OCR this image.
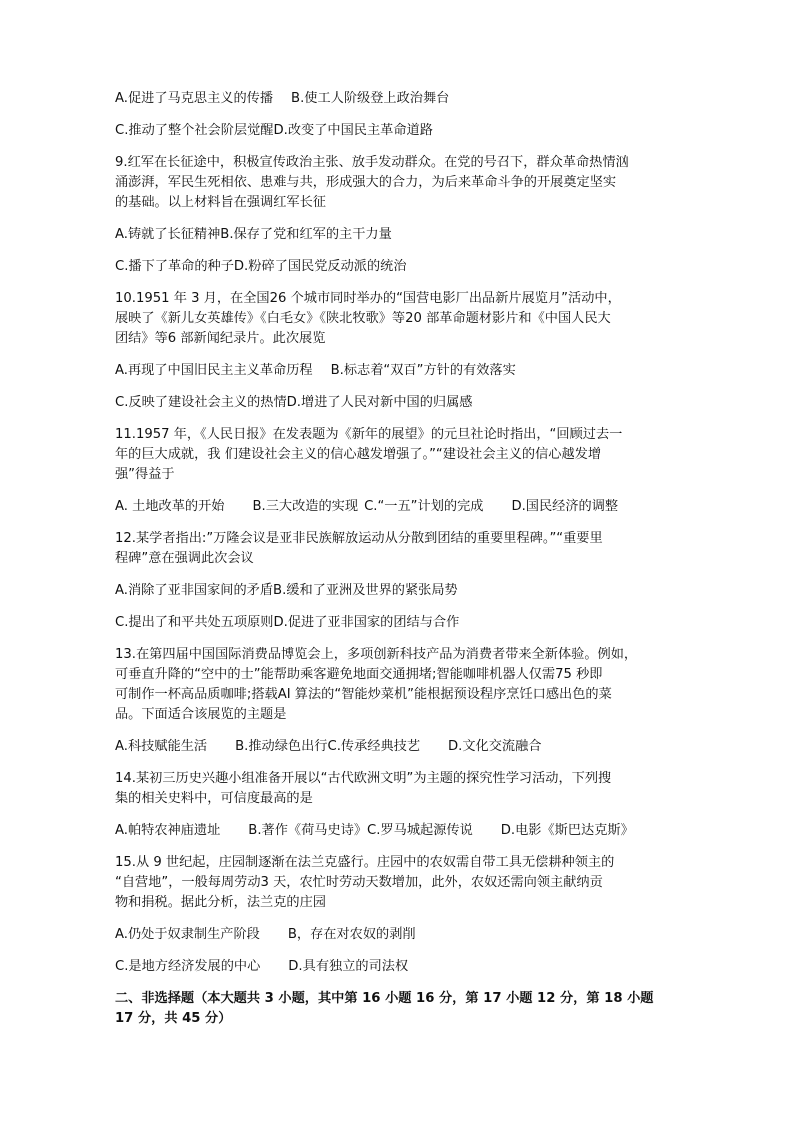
A.促进了马克思主义的传播 B.使工人阶级登上政治舞台
C.推动了整个社会阶层觉醒D.改变了中国民主革命道路
9.红军在长征途中，积极宣传政治主张、放手发动群众。在党的号召下，群众革命热情汹
涌澎湃，军民生死相依、患难与共，形成强大的合力，为后来革命斗争的开展奠定坚实
的基础。以上材料旨在强调红军长征
A.铸就了长征精神B.保存了党和红军的主干力量
C.播下了革命的种子D.粉碎了国民党反动派的统治
10.1951 年 3 月，在全国26 个城市同时举办的“国营电影厂出品新片展览月”活动中，
展映了《新儿女英雄传》《白毛女》《陕北牧歌》等20 部革命题材影片和《中国人民大
团结》等6 部新闻纪录片。此次展览
A.再现了中国旧民主主义革命历程 B.标志着“双百”方针的有效落实
C.反映了建设社会主义的热情D.增进了人民对新中国的归属感
11.1957 年，《人民日报》在发表题为《新年的展望》的元旦社论时指出，“回顾过去一
年的巨大成就，我 们建设社会主义的信心越发增强了。”“建设社会主义的信心越发增
强”得益于
A. 土地改革的开始 B.三大改造的实现 C.“一五”计划的完成 D.国民经济的调整
12.某学者指出:”万隆会议是亚非民族解放运动从分散到团结的重要里程碑。”“重要里
程碑”意在强调此次会议
A.消除了亚非国家间的矛盾B.缓和了亚洲及世界的紧张局势
C.提出了和平共处五项原则D.促进了亚非国家的团结与合作
13.在第四届中国国际消费品博览会上，多项创新科技产品为消费者带来全新体验。例如，
可垂直升降的“空中的士”能帮助乘客避免地面交通拥堵;智能咖啡机器人仅需75 秒即
可制作一杯高品质咖啡;搭载AI 算法的“智能炒菜机”能根据预设程序烹饪口感出色的菜
品。下面适合该展览的主题是
A.科技赋能生活 B.推动绿色出行C.传承经典技艺 D.文化交流融合
14.某初三历史兴趣小组准备开展以“古代欧洲文明”为主题的探究性学习活动，下列搜
集的相关史料中，可信度最高的是
A.帕特农神庙遗址 B.著作《荷马史诗》C.罗马城起源传说 D.电影《斯巴达克斯》
15.从 9 世纪起，庄园制逐渐在法兰克盛行。庄园中的农奴需自带工具无偿耕种领主的
“自营地”，一般每周劳动3 天，农忙时劳动天数增加，此外，农奴还需向领主献纳贡
物和捐税。据此分析，法兰克的庄园
A.仍处于奴隶制生产阶段 B，存在对农奴的剥削
C.是地方经济发展的中心 D.具有独立的司法权
二、非选择题（本大题共 3 小题，其中第 16 小题 16 分，第 17 小题 12 分，第 18 小题
17 分，共 45 分）
